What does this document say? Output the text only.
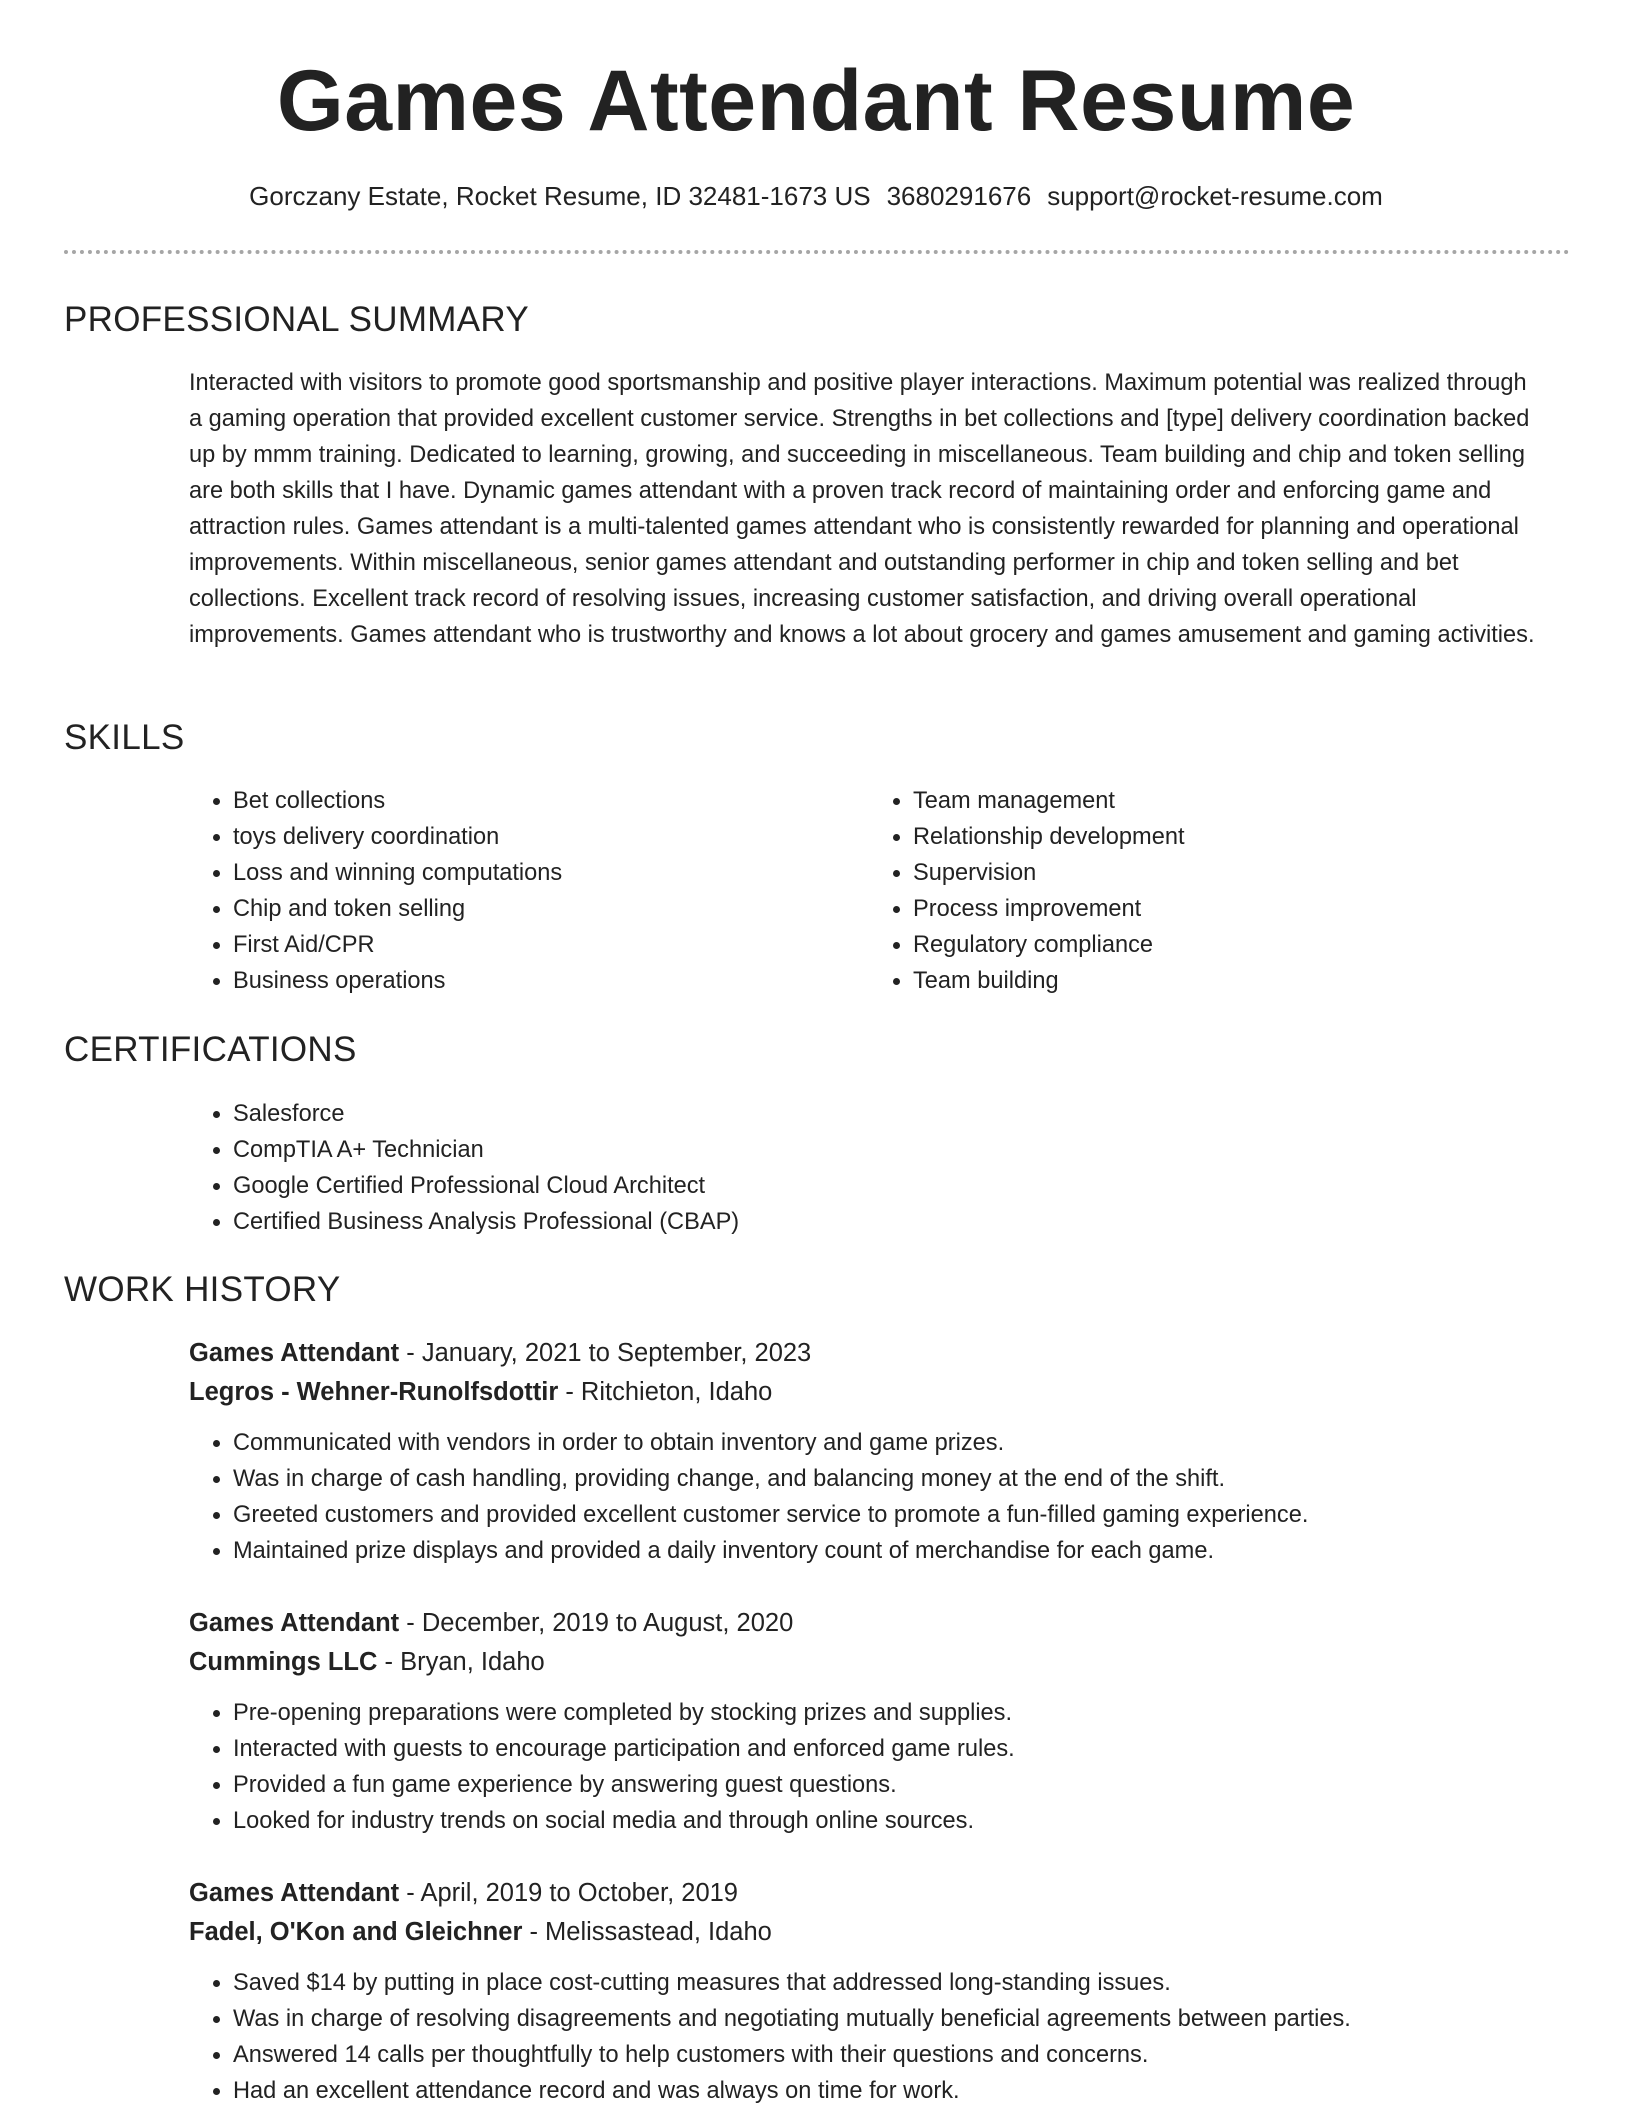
Games Attendant Resume
Gorczany Estate, Rocket Resume, ID 32481-1673 US 3680291676 support@rocket-resume.com
PROFESSIONAL SUMMARY
Interacted with visitors to promote good sportsmanship and positive player interactions. Maximum potential was realized through a gaming operation that provided excellent customer service. Strengths in bet collections and [type] delivery coordination backed up by mmm training. Dedicated to learning, growing, and succeeding in miscellaneous. Team building and chip and token selling are both skills that I have. Dynamic games attendant with a proven track record of maintaining order and enforcing game and attraction rules. Games attendant is a multi-talented games attendant who is consistently rewarded for planning and operational improvements. Within miscellaneous, senior games attendant and outstanding performer in chip and token selling and bet collections. Excellent track record of resolving issues, increasing customer satisfaction, and driving overall operational improvements. Games attendant who is trustworthy and knows a lot about grocery and games amusement and gaming activities.
SKILLS
• Bet collections
• toys delivery coordination
• Loss and winning computations
• Chip and token selling
• First Aid/CPR
• Business operations
• Team management
• Relationship development
• Supervision
• Process improvement
• Regulatory compliance
• Team building
CERTIFICATIONS
• Salesforce
• CompTIA A+ Technician
• Google Certified Professional Cloud Architect
• Certified Business Analysis Professional (CBAP)
WORK HISTORY
Games Attendant - January, 2021 to September, 2023
Legros - Wehner-Runolfsdottir - Ritchieton, Idaho
• Communicated with vendors in order to obtain inventory and game prizes.
• Was in charge of cash handling, providing change, and balancing money at the end of the shift.
• Greeted customers and provided excellent customer service to promote a fun-filled gaming experience.
• Maintained prize displays and provided a daily inventory count of merchandise for each game.
Games Attendant - December, 2019 to August, 2020
Cummings LLC - Bryan, Idaho
• Pre-opening preparations were completed by stocking prizes and supplies.
• Interacted with guests to encourage participation and enforced game rules.
• Provided a fun game experience by answering guest questions.
• Looked for industry trends on social media and through online sources.
Games Attendant - April, 2019 to October, 2019
Fadel, O'Kon and Gleichner - Melissastead, Idaho
• Saved $14 by putting in place cost-cutting measures that addressed long-standing issues.
• Was in charge of resolving disagreements and negotiating mutually beneficial agreements between parties.
• Answered 14 calls per thoughtfully to help customers with their questions and concerns.
• Had an excellent attendance record and was always on time for work.
